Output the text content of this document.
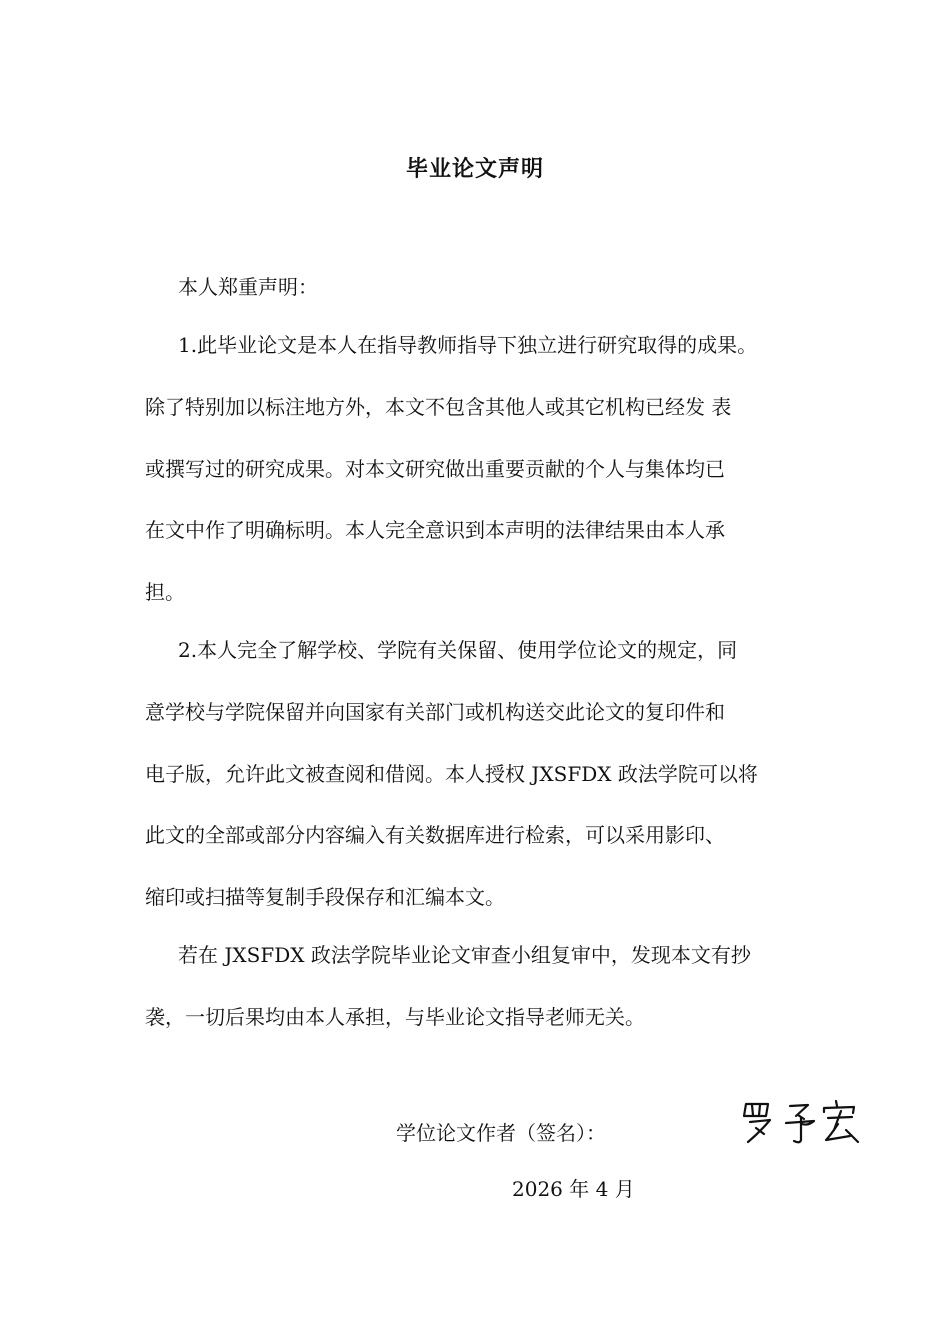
毕业论文声明
本人郑重声明：
1.此毕业论文是本人在指导教师指导下独立进行研究取得的成果。
除了特别加以标注地方外，本文不包含其他人或其它机构已经发 表
或撰写过的研究成果。对本文研究做出重要贡献的个人与集体均已
在文中作了明确标明。本人完全意识到本声明的法律结果由本人承
担。
2.本人完全了解学校、学院有关保留、使用学位论文的规定，同
意学校与学院保留并向国家有关部门或机构送交此论文的复印件和
电子版，允许此文被查阅和借阅。本人授权 JXSFDX 政法学院可以将
此文的全部或部分内容编入有关数据库进行检索，可以采用影印、
缩印或扫描等复制手段保存和汇编本文。
若在 JXSFDX 政法学院毕业论文审查小组复审中，发现本文有抄
袭，一切后果均由本人承担，与毕业论文指导老师无关。
学位论文作者（签名）：
2026 年 4 月
